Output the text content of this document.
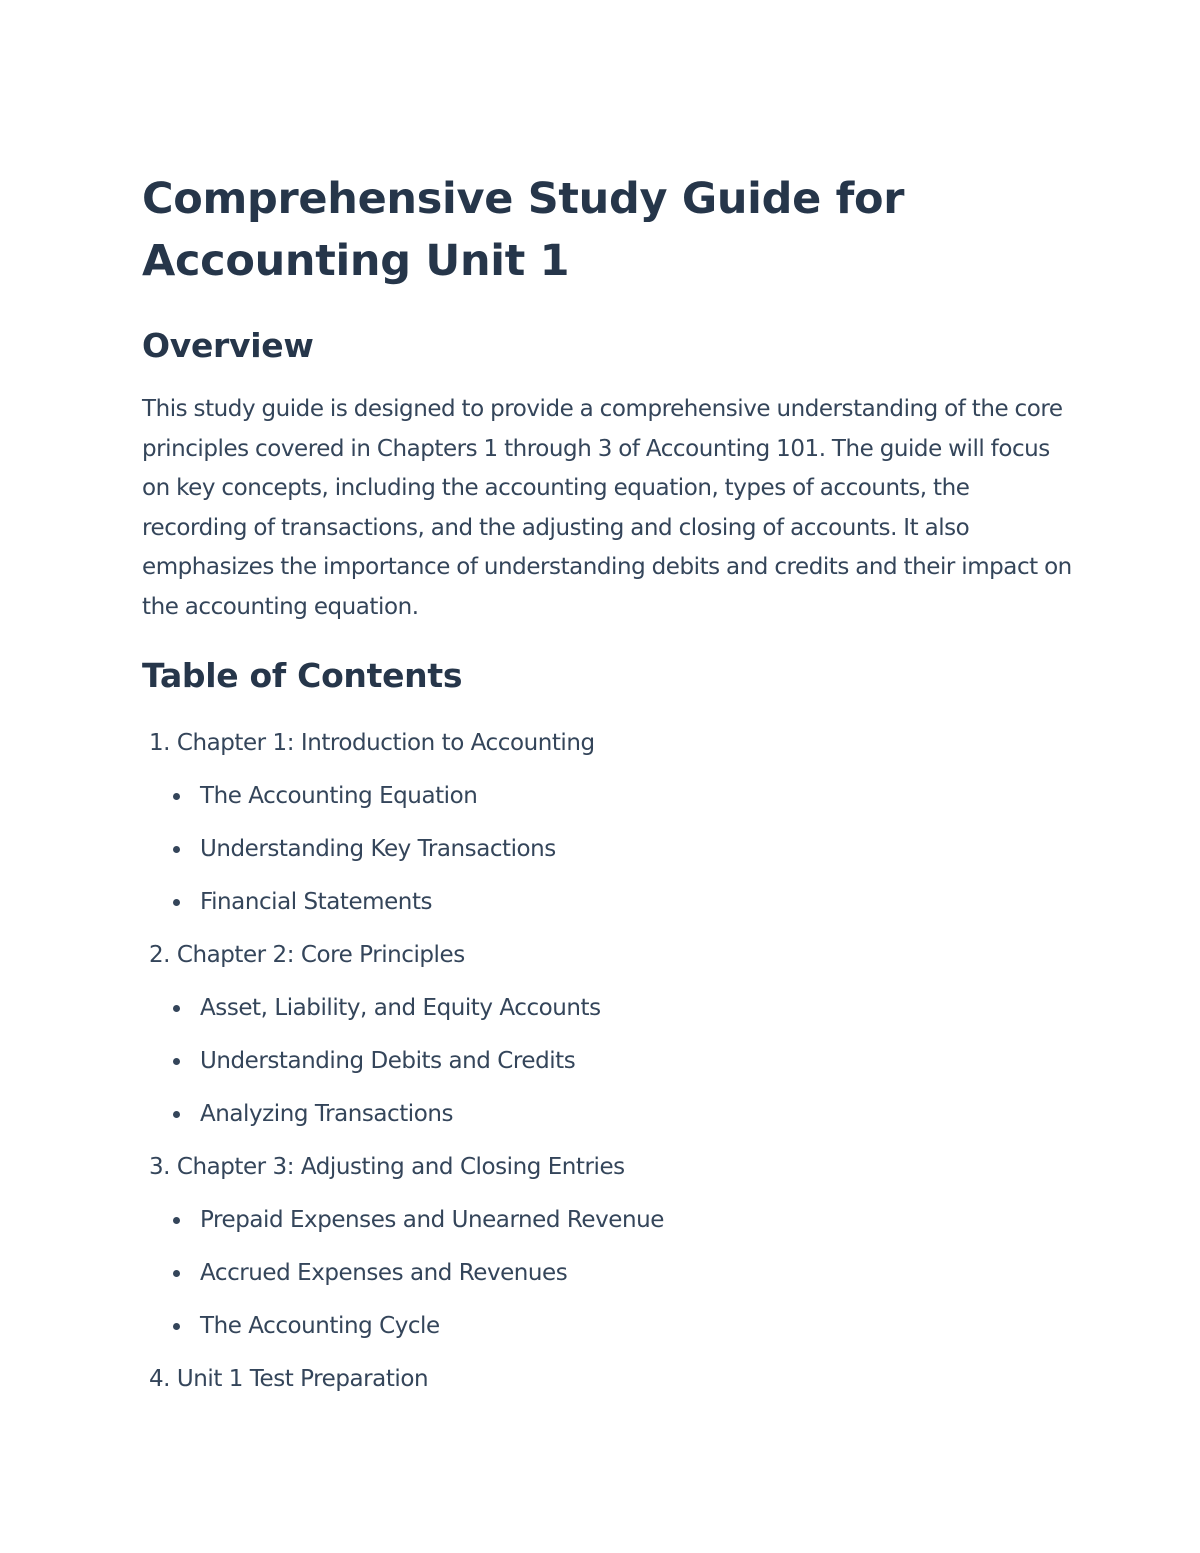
Comprehensive Study Guide for Accounting Unit 1
Overview

This study guide is designed to provide a comprehensive understanding of the core principles covered in Chapters 1 through 3 of Accounting 101. The guide will focus on key concepts, including the accounting equation, types of accounts, the recording of transactions, and the adjusting and closing of accounts. It also emphasizes the importance of understanding debits and credits and their impact on the accounting equation.

Table of Contents
1. Chapter 1: Introduction to Accounting
The Accounting Equation
Understanding Key Transactions
Financial Statements
2. Chapter 2: Core Principles
Asset, Liability, and Equity Accounts
Understanding Debits and Credits
Analyzing Transactions
3. Chapter 3: Adjusting and Closing Entries
Prepaid Expenses and Unearned Revenue
Accrued Expenses and Revenues
The Accounting Cycle
4. Unit 1 Test Preparation
